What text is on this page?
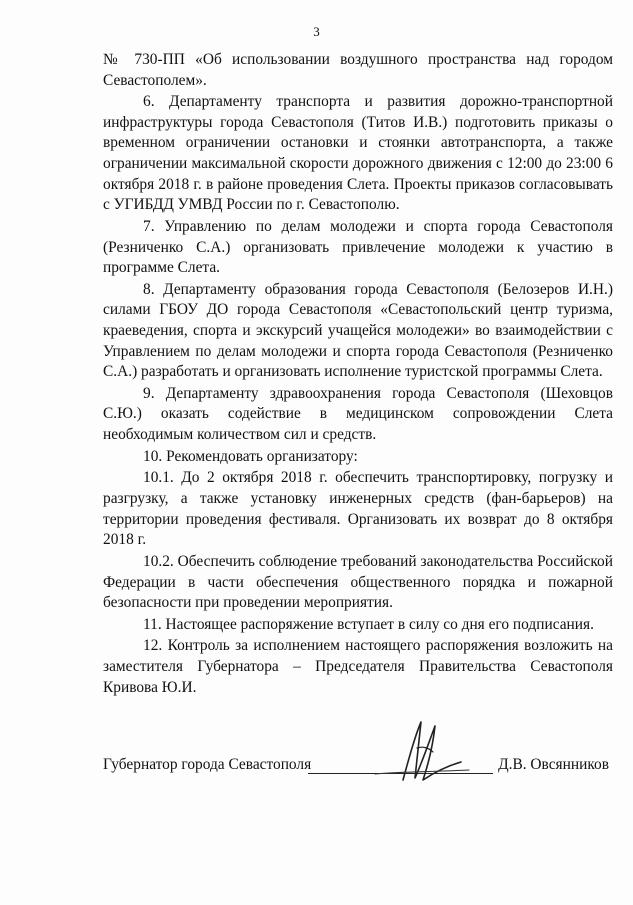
3

№ 730-ПП «Об использовании воздушного пространства над городом Севастополем».

6. Департаменту транспорта и развития дорожно-транспортной инфраструктуры города Севастополя (Титов И.В.) подготовить приказы о временном ограничении остановки и стоянки автотранспорта, а также ограничении максимальной скорости дорожного движения с 12:00 до 23:00 6 октября 2018 г. в районе проведения Слета. Проекты приказов согласовывать с УГИБДД УМВД России по г. Севастополю.

7. Управлению по делам молодежи и спорта города Севастополя (Резниченко С.А.) организовать привлечение молодежи к участию в программе Слета.

8. Департаменту образования города Севастополя (Белозеров И.Н.) силами ГБОУ ДО города Севастополя «Севастопольский центр туризма, краеведения, спорта и экскурсий учащейся молодежи» во взаимодействии с Управлением по делам молодежи и спорта города Севастополя (Резниченко С.А.) разработать и организовать исполнение туристской программы Слета.

9. Департаменту здравоохранения города Севастополя (Шеховцов С.Ю.) оказать содействие в медицинском сопровождении Слета необходимым количеством сил и средств.

10. Рекомендовать организатору:

10.1. До 2 октября 2018 г. обеспечить транспортировку, погрузку и разгрузку, а также установку инженерных средств (фан-барьеров) на территории проведения фестиваля. Организовать их возврат до 8 октября 2018 г.

10.2. Обеспечить соблюдение требований законодательства Российской Федерации в части обеспечения общественного порядка и пожарной безопасности при проведении мероприятия.

11. Настоящее распоряжение вступает в силу со дня его подписания.

12. Контроль за исполнением настоящего распоряжения возложить на заместителя Губернатора – Председателя Правительства Севастополя Кривова Ю.И.

Губернатор города Севастополя	Д.В. Овсянников
